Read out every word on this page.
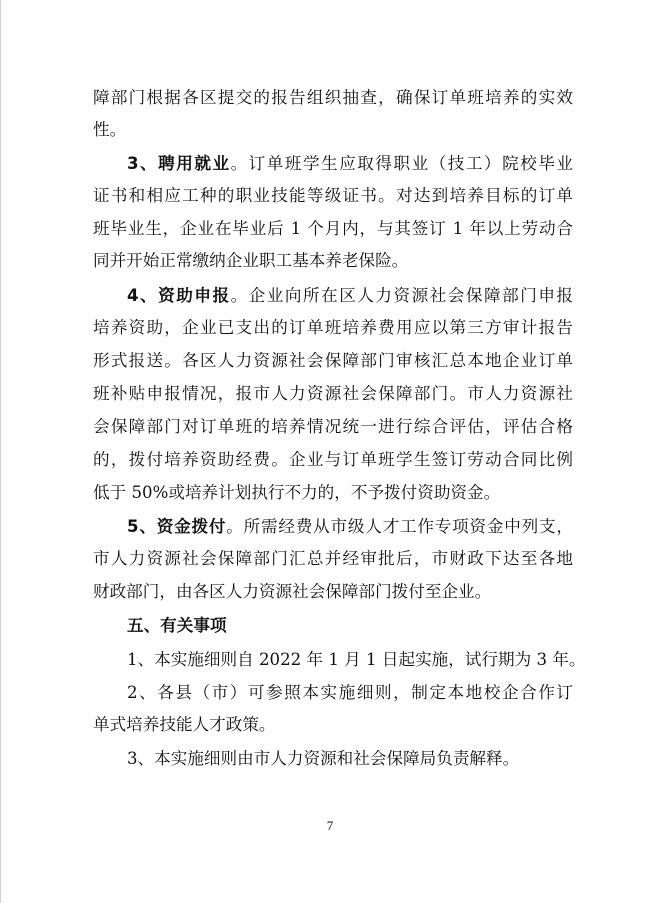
障部门根据各区提交的报告组织抽查，确保订单班培养的实效
性。
3、聘用就业。订单班学生应取得职业（技工）院校毕业
证书和相应工种的职业技能等级证书。对达到培养目标的订单
班毕业生，企业在毕业后 1 个月内，与其签订 1 年以上劳动合
同并开始正常缴纳企业职工基本养老保险。
4、资助申报。企业向所在区人力资源社会保障部门申报
培养资助，企业已支出的订单班培养费用应以第三方审计报告
形式报送。各区人力资源社会保障部门审核汇总本地企业订单
班补贴申报情况，报市人力资源社会保障部门。市人力资源社
会保障部门对订单班的培养情况统一进行综合评估，评估合格
的，拨付培养资助经费。企业与订单班学生签订劳动合同比例
低于 50%或培养计划执行不力的，不予拨付资助资金。
5、资金拨付。所需经费从市级人才工作专项资金中列支，
市人力资源社会保障部门汇总并经审批后，市财政下达至各地
财政部门，由各区人力资源社会保障部门拨付至企业。
五、有关事项
1、本实施细则自 2022 年 1 月 1 日起实施，试行期为 3 年。
2、各县（市）可参照本实施细则，制定本地校企合作订
单式培养技能人才政策。
3、本实施细则由市人力资源和社会保障局负责解释。
7
